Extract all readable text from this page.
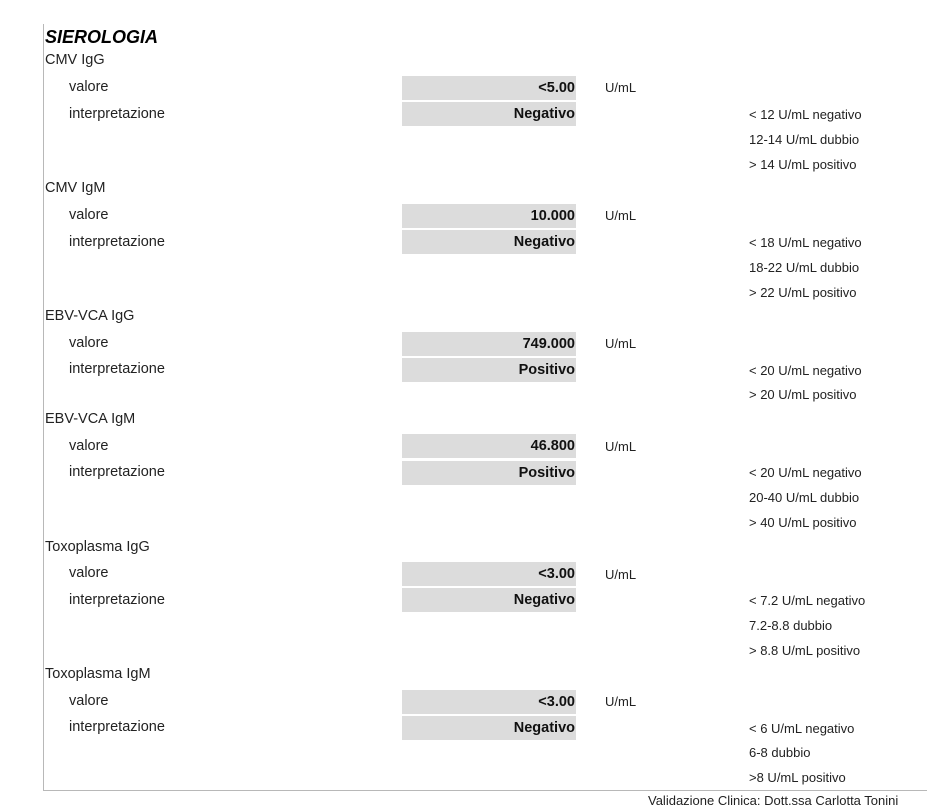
SIEROLOGIA
CMV IgG
valore	<5.00 U/mL
interpretazione	Negativo	< 12 U/mL negativo
12-14 U/mL dubbio
> 14 U/mL positivo
CMV IgM
valore	10.000 U/mL
interpretazione	Negativo	< 18 U/mL negativo
18-22 U/mL dubbio
> 22 U/mL positivo
EBV-VCA IgG
valore	749.000 U/mL
interpretazione	Positivo	< 20 U/mL negativo
> 20 U/mL positivo
EBV-VCA IgM
valore	46.800 U/mL
interpretazione	Positivo	< 20 U/mL negativo
20-40 U/mL dubbio
> 40 U/mL positivo
Toxoplasma IgG
valore	<3.00 U/mL
interpretazione	Negativo	< 7.2 U/mL negativo
7.2-8.8 dubbio
> 8.8 U/mL positivo
Toxoplasma IgM
valore	<3.00 U/mL
interpretazione	Negativo	< 6 U/mL negativo
6-8 dubbio
>8 U/mL positivo
Validazione Clinica: Dott.ssa Carlotta Tonini
